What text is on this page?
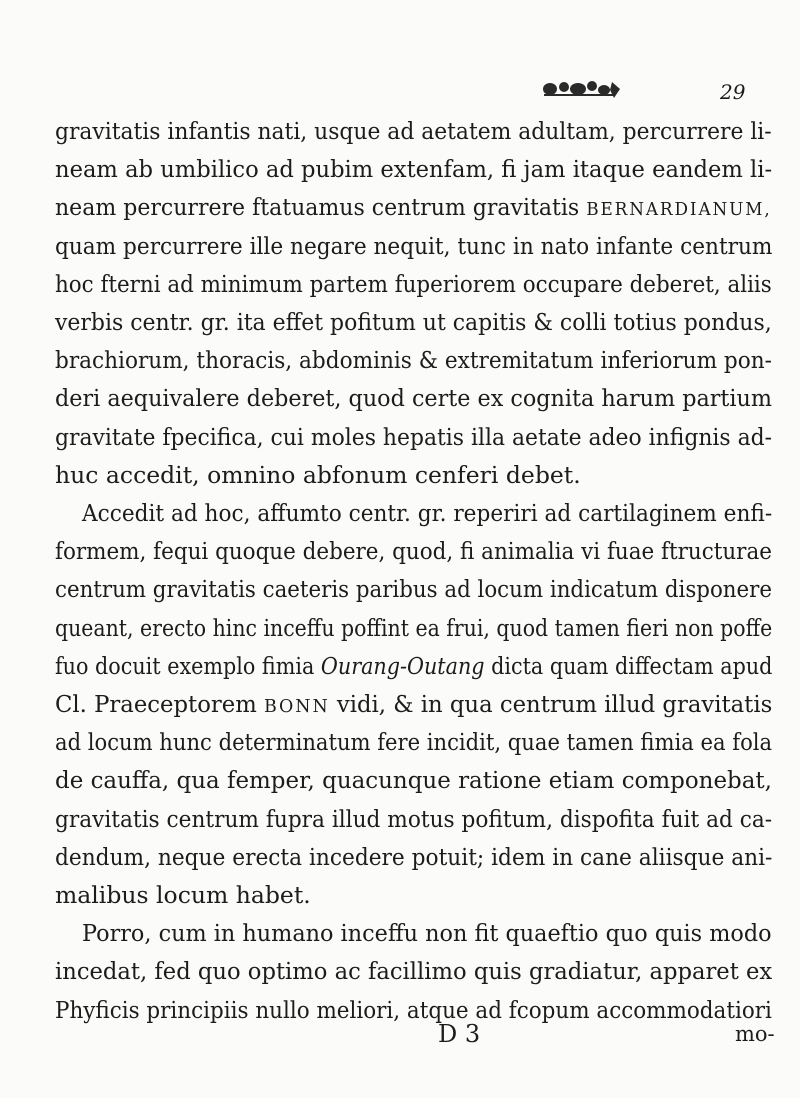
29
gravitatis infantis nati, usque ad aetatem adultam, percurrere li-
neam ab umbilico ad pubim extenfam, fi jam itaque eandem li-
neam percurrere ftatuamus centrum gravitatis BERNARDIANUM,
quam percurrere ille negare nequit, tunc in nato infante centrum
hoc fterni ad minimum partem fuperiorem occupare deberet, aliis
verbis centr. gr. ita effet pofitum ut capitis & colli totius pondus,
brachiorum, thoracis, abdominis & extremitatum inferiorum pon-
deri aequivalere deberet, quod certe ex cognita harum partium
gravitate fpecifica, cui moles hepatis illa aetate adeo infignis ad-
huc accedit, omnino abfonum cenferi debet.
Accedit ad hoc, affumto centr. gr. reperiri ad cartilaginem enfi-
formem, fequi quoque debere, quod, fi animalia vi fuae ftructurae
centrum gravitatis caeteris paribus ad locum indicatum disponere
queant, erecto hinc inceffu poffint ea frui, quod tamen fieri non poffe
fuo docuit exemplo fimia Ourang-Outang dicta quam diffectam apud
Cl. Praeceptorem BONN vidi, & in qua centrum illud gravitatis
ad locum hunc determinatum fere incidit, quae tamen fimia ea fola
de cauffa, qua femper, quacunque ratione etiam componebat,
gravitatis centrum fupra illud motus pofitum, dispofita fuit ad ca-
dendum, neque erecta incedere potuit; idem in cane aliisque ani-
malibus locum habet.
Porro, cum in humano inceffu non fit quaeftio quo quis modo
incedat, fed quo optimo ac facillimo quis gradiatur, apparet ex
Phyficis principiis nullo meliori, atque ad fcopum accommodatiori
D 3	mo-
